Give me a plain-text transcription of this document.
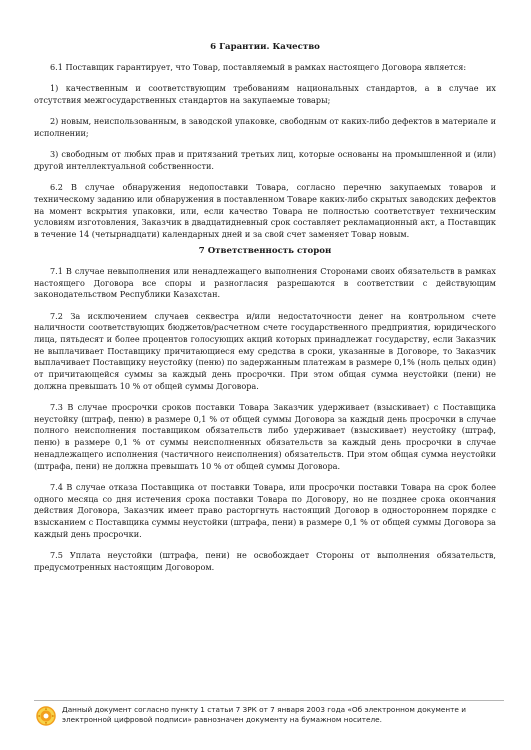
6 Гарантии. Качество

6.1 Поставщик гарантирует, что Товар, поставляемый в рамках настоящего Договора является:

1) качественным и соответствующим требованиям национальных стандартов, а в случае их отсутствия межгосударственных стандартов на закупаемые товары;

2) новым, неиспользованным, в заводской упаковке, свободным от каких-либо дефектов в материале и исполнении;

3) свободным от любых прав и притязаний третьих лиц, которые основаны на промышленной и (или) другой интеллектуальной собственности.

6.2 В случае обнаружения недопоставки Товара, согласно перечню закупаемых товаров и техническому заданию или обнаружения в поставленном Товаре каких-либо скрытых заводских дефектов на момент вскрытия упаковки, или, если качество Товара не полностью соответствует техническим условиям изготовления, Заказчик в двадцатидневный срок составляет рекламационный акт, а Поставщик в течение 14 (четырнадцати) календарных дней и за свой счет заменяет Товар новым.

7 Ответственность сторон

7.1 В случае невыполнения или ненадлежащего выполнения Сторонами своих обязательств в рамках настоящего Договора все споры и разногласия разрешаются в соответствии с действующим законодательством Республики Казахстан.

7.2 За исключением случаев секвестра и/или недостаточности денег на контрольном счете наличности соответствующих бюджетов/расчетном счете государственного предприятия, юридического лица, пятьдесят и более процентов голосующих акций которых принадлежат государству, если Заказчик не выплачивает Поставщику причитающиеся ему средства в сроки, указанные в Договоре, то Заказчик выплачивает Поставщику неустойку (пеню) по задержанным платежам в размере 0,1% (ноль целых один) от причитающейся суммы за каждый день просрочки. При этом общая сумма неустойки (пени) не должна превышать 10 % от общей суммы Договора.

7.3 В случае просрочки сроков поставки Товара Заказчик удерживает (взыскивает) с Поставщика неустойку (штраф, пеню) в размере 0,1 % от общей суммы Договора за каждый день просрочки в случае полного неисполнения поставщиком обязательств либо удерживает (взыскивает) неустойку (штраф, пеню) в размере 0,1 % от суммы неисполненных обязательств за каждый день просрочки в случае ненадлежащего исполнения (частичного неисполнения) обязательств. При этом общая сумма неустойки (штрафа, пени) не должна превышать 10 % от общей суммы Договора.

7.4 В случае отказа Поставщика от поставки Товара, или просрочки поставки Товара на срок более одного месяца со дня истечения срока поставки Товара по Договору, но не позднее срока окончания действия Договора, Заказчик имеет право расторгнуть настоящий Договор в одностороннем порядке с взысканием с Поставщика суммы неустойки (штрафа, пени) в размере 0,1 % от общей суммы Договора за каждый день просрочки.

7.5 Уплата неустойки (штрафа, пени) не освобождает Стороны от выполнения обязательств, предусмотренных настоящим Договором.

Данный документ согласно пункту 1 статьи 7 ЗРК от 7 января 2003 года «Об электронном документе и электронной цифровой подписи» равнозначен документу на бумажном носителе.
